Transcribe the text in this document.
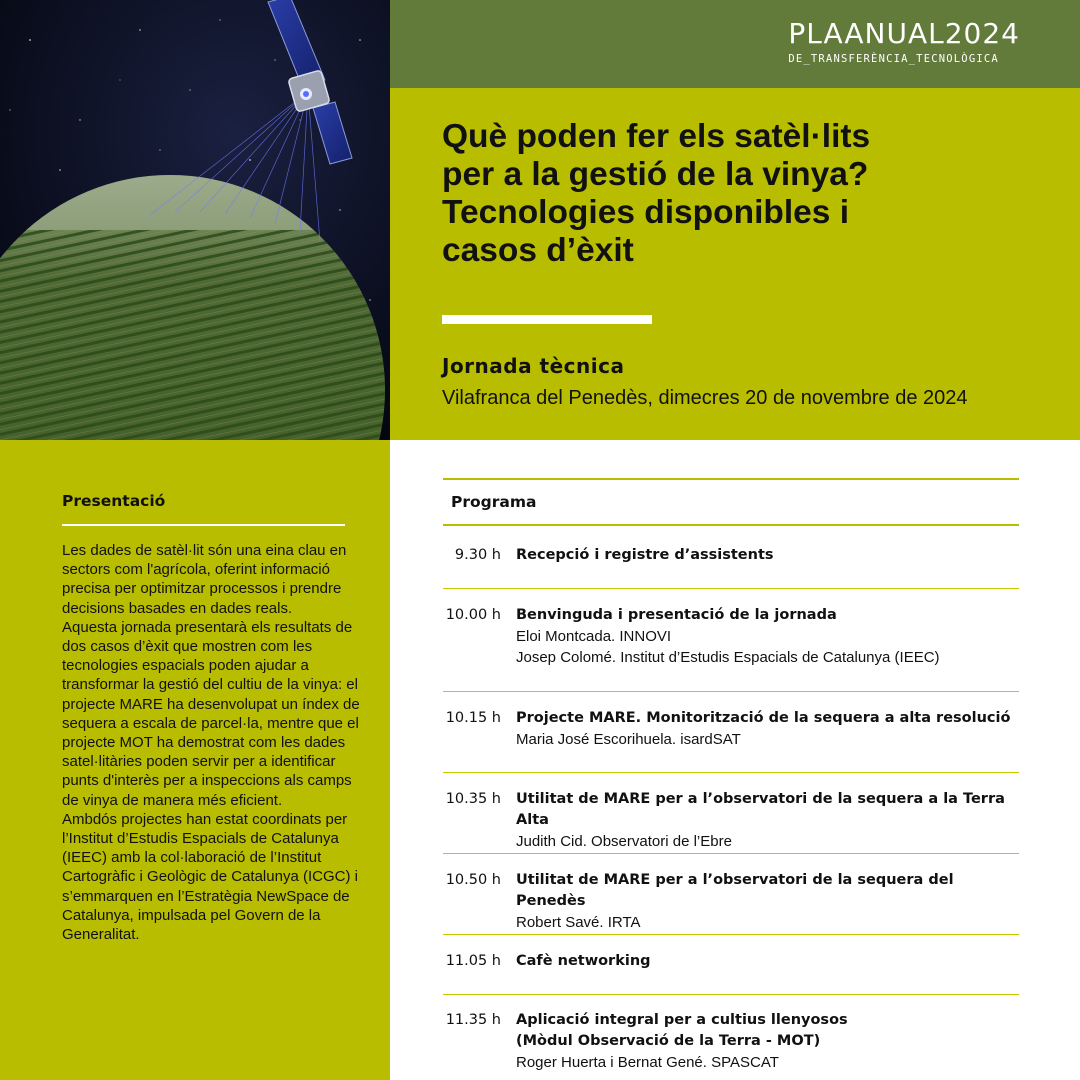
PLAANUAL2024
DE_TRANSFERÈNCIA_TECNOLÒGICA
Què poden fer els satèl·lits
per a la gestió de la vinya?
Tecnologies disponibles i
casos d’èxit
Jornada tècnica
Vilafranca del Penedès, dimecres 20 de novembre de 2024
Presentació

Les dades de satèl·lit són una eina clau en sectors com l'agrícola, oferint informació precisa per optimitzar processos i prendre decisions basades en dades reals.

Aquesta jornada presentarà els resultats de dos casos d’èxit que mostren com les tecnologies espacials poden ajudar a transformar la gestió del cultiu de la vinya: el projecte MARE ha desenvolupat un índex de sequera a escala de parcel·la, mentre que el projecte MOT ha demostrat com les dades satel·litàries poden servir per a identificar punts d'interès per a inspeccions als camps de vinya de manera més eficient.

Ambdós projectes han estat coordinats per l’Institut d’Estudis Espacials de Catalunya (IEEC) amb la col·laboració de l’Institut Cartogràfic i Geològic de Catalunya (ICGC) i s’emmarquen en l’Estratègia NewSpace de Catalunya, impulsada pel Govern de la Generalitat.

Programa
9.30 h Recepció i registre d’assistents
10.00 h Benvinguda i presentació de la jornada
Eloi Montcada. INNOVI
Josep Colomé. Institut d’Estudis Espacials de Catalunya (IEEC)
10.15 h Projecte MARE. Monitorització de la sequera a alta resolució
Maria José Escorihuela. isardSAT
10.35 h Utilitat de MARE per a l’observatori de la sequera a la Terra Alta
Judith Cid. Observatori de l’Ebre
10.50 h Utilitat de MARE per a l’observatori de la sequera del Penedès
Robert Savé. IRTA
11.05 h Cafè networking
11.35 h Aplicació integral per a cultius llenyosos
(Mòdul Observació de la Terra - MOT)
Roger Huerta i Bernat Gené. SPASCAT
